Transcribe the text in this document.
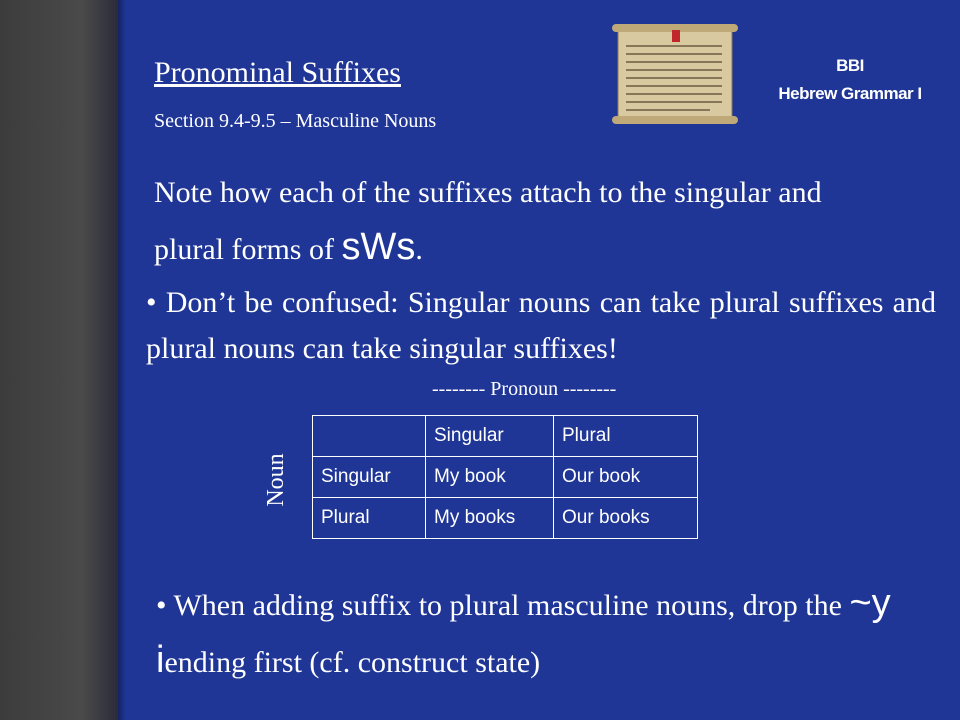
Pronominal Suffixes
Section 9.4-9.5 – Masculine Nouns
BBI
Hebrew Grammar I
Note how each of the suffixes attach to the singular and plural forms of sWs.
• Don’t be confused: Singular nouns can take plural suffixes and plural nouns can take singular suffixes!
-------- Pronoun --------
Noun
	Singular	Plural
Singular	My book	Our book
Plural	My books	Our books
• When adding suffix to plural masculine nouns, drop the ~y iending first (cf. construct state)
